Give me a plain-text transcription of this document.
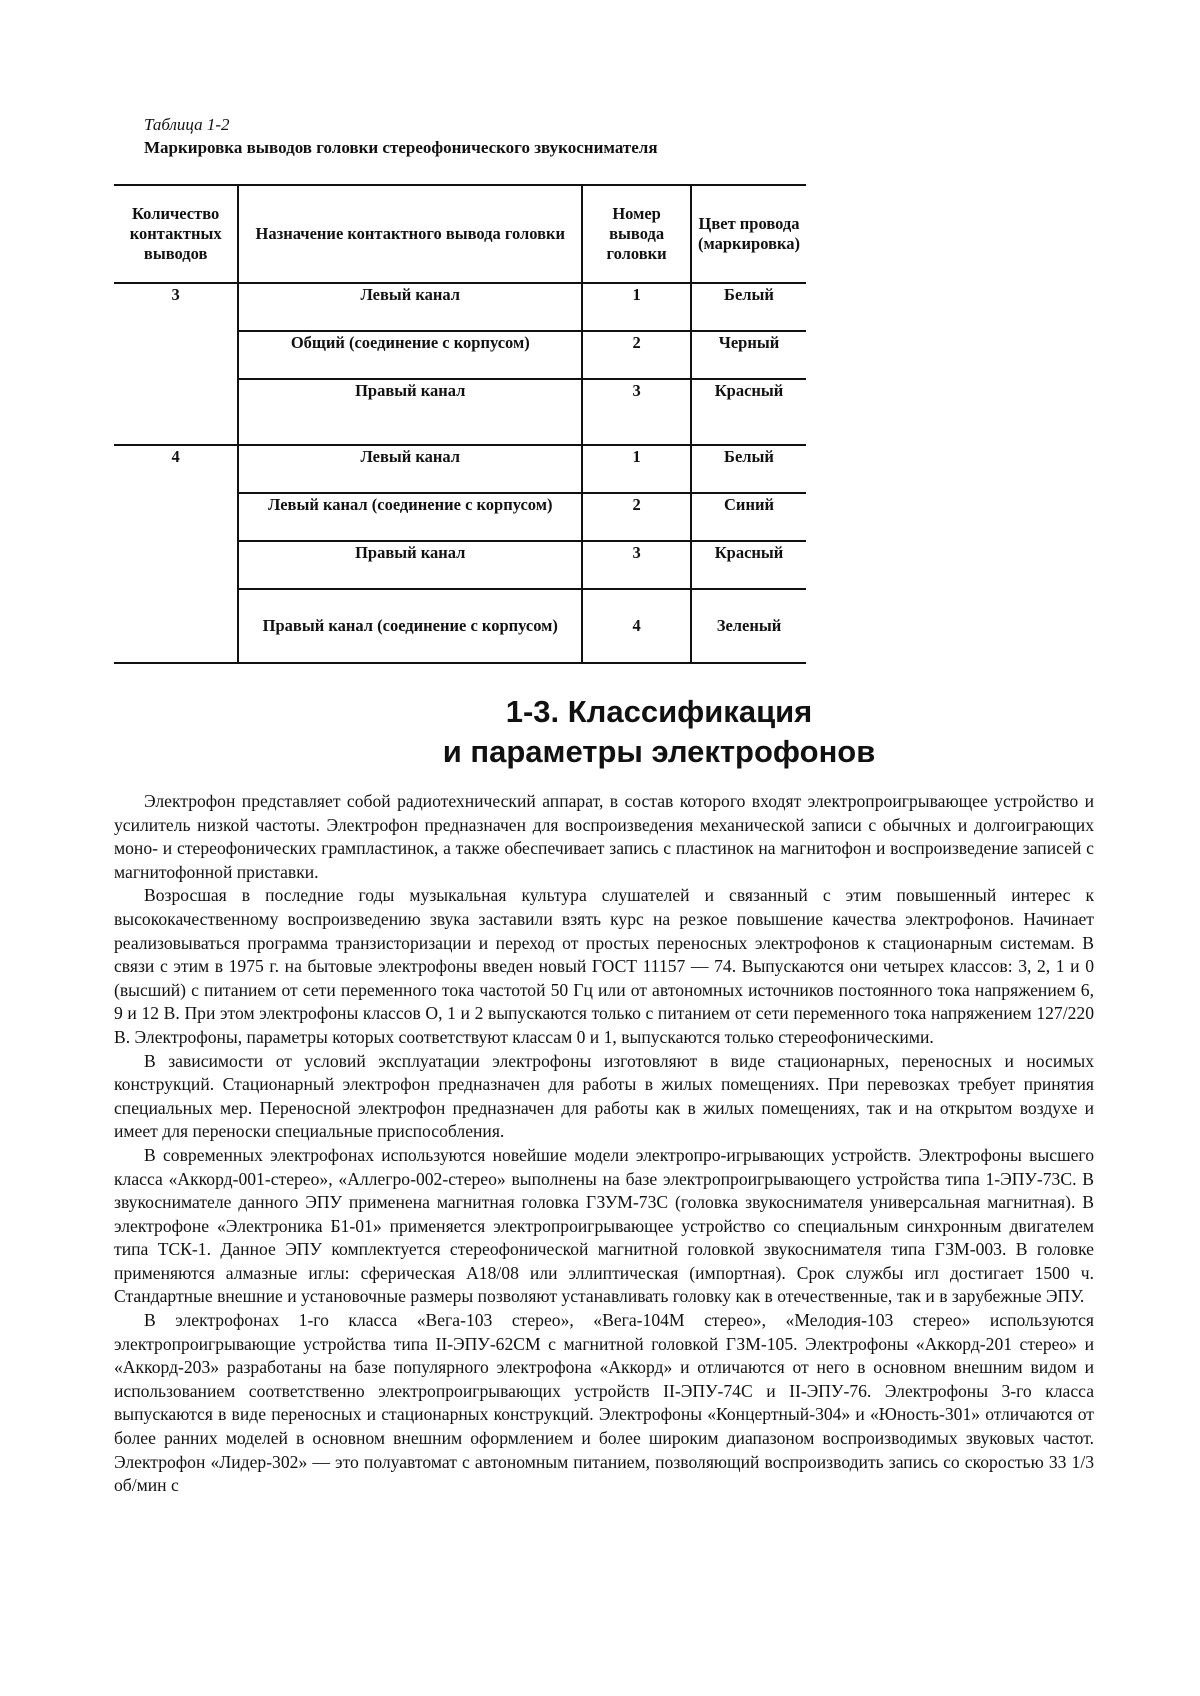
Таблица 1-2
Маркировка выводов головки стереофонического звукоснимателя
Количество контактных выводов	Назначение контактного вывода головки	Номер вывода головки	Цвет провода (маркировка)
3	Левый канал	1	Белый
	Общий (соединение с корпусом)	2	Черный
	Правый канал	3	Красный
4	Левый канал	1	Белый
	Левый канал (соединение с корпусом)	2	Синий
	Правый канал	3	Красный
	Правый канал (соединение с корпусом)	4	Зеленый
1-3. Классификация
и параметры электрофонов

Электрофон представляет собой радиотехнический аппарат, в состав которого входят электропроигрывающее устройство и усилитель низкой частоты. Электрофон предназначен для воспроизведения механической записи с обычных и долгоиграющих моно- и стереофонических грампластинок, а также обеспечивает запись с пластинок на магнитофон и воспроизведение записей с магнитофонной приставки.

Возросшая в последние годы музыкальная культура слушателей и связанный с этим повышенный интерес к высококачественному воспроизведению звука заставили взять курс на резкое повышение качества электрофонов. Начинает реализовываться программа транзисторизации и переход от простых переносных электрофонов к стационарным системам. В связи с этим в 1975 г. на бытовые электрофоны введен новый ГОСТ 11157 — 74. Выпускаются они четырех классов: 3, 2, 1 и 0 (высший) с питанием от сети переменного тока частотой 50 Гц или от автономных источников постоянного тока напряжением 6, 9 и 12 В. При этом электрофоны классов О, 1 и 2 выпускаются только с питанием от сети переменного тока напряжением 127/220 В. Электрофоны, параметры которых соответствуют классам 0 и 1, выпускаются только стереофоническими.

В зависимости от условий эксплуатации электрофоны изготовляют в виде стационарных, переносных и носимых конструкций. Стационарный электрофон предназначен для работы в жилых помещениях. При перевозках требует принятия специальных мер. Переносной электрофон предназначен для работы как в жилых помещениях, так и на открытом воздухе и имеет для переноски специальные приспособления.

В современных электрофонах используются новейшие модели электропро-игрывающих устройств. Электрофоны высшего класса «Аккорд-001-стерео», «Аллегро-002-стерео» выполнены на базе электропроигрывающего устройства типа 1-ЭПУ-73С. В звукоснимателе данного ЭПУ применена магнитная головка ГЗУМ-73С (головка звукоснимателя универсальная магнитная). В электрофоне «Электроника Б1-01» применяется электропроигрывающее устройство со специальным синхронным двигателем типа ТСК-1. Данное ЭПУ комплектуется стереофонической магнитной головкой звукоснимателя типа ГЗМ-003. В головке применяются алмазные иглы: сферическая А18/08 или эллиптическая (импортная). Срок службы игл достигает 1500 ч. Стандартные внешние и установочные размеры позволяют устанавливать головку как в отечественные, так и в зарубежные ЭПУ.

В электрофонах 1-го класса «Вега-103 стерео», «Вега-104М стерео», «Мелодия-103 стерео» используются электропроигрывающие устройства типа II-ЭПУ-62СМ с магнитной головкой ГЗМ-105. Электрофоны «Аккорд-201 стерео» и «Аккорд-203» разработаны на базе популярного электрофона «Аккорд» и отличаются от него в основном внешним видом и использованием соответственно электропроигрывающих устройств II-ЭПУ-74С и II-ЭПУ-76. Электрофоны 3-го класса выпускаются в виде переносных и стационарных конструкций. Электрофоны «Концертный-304» и «Юность-301» отличаются от более ранних моделей в основном внешним оформлением и более широким диапазоном воспроизводимых звуковых частот. Электрофон «Лидер-302» — это полуавтомат с автономным питанием, позволяющий воспроизводить запись со скоростью 33 1/3 об/мин с
